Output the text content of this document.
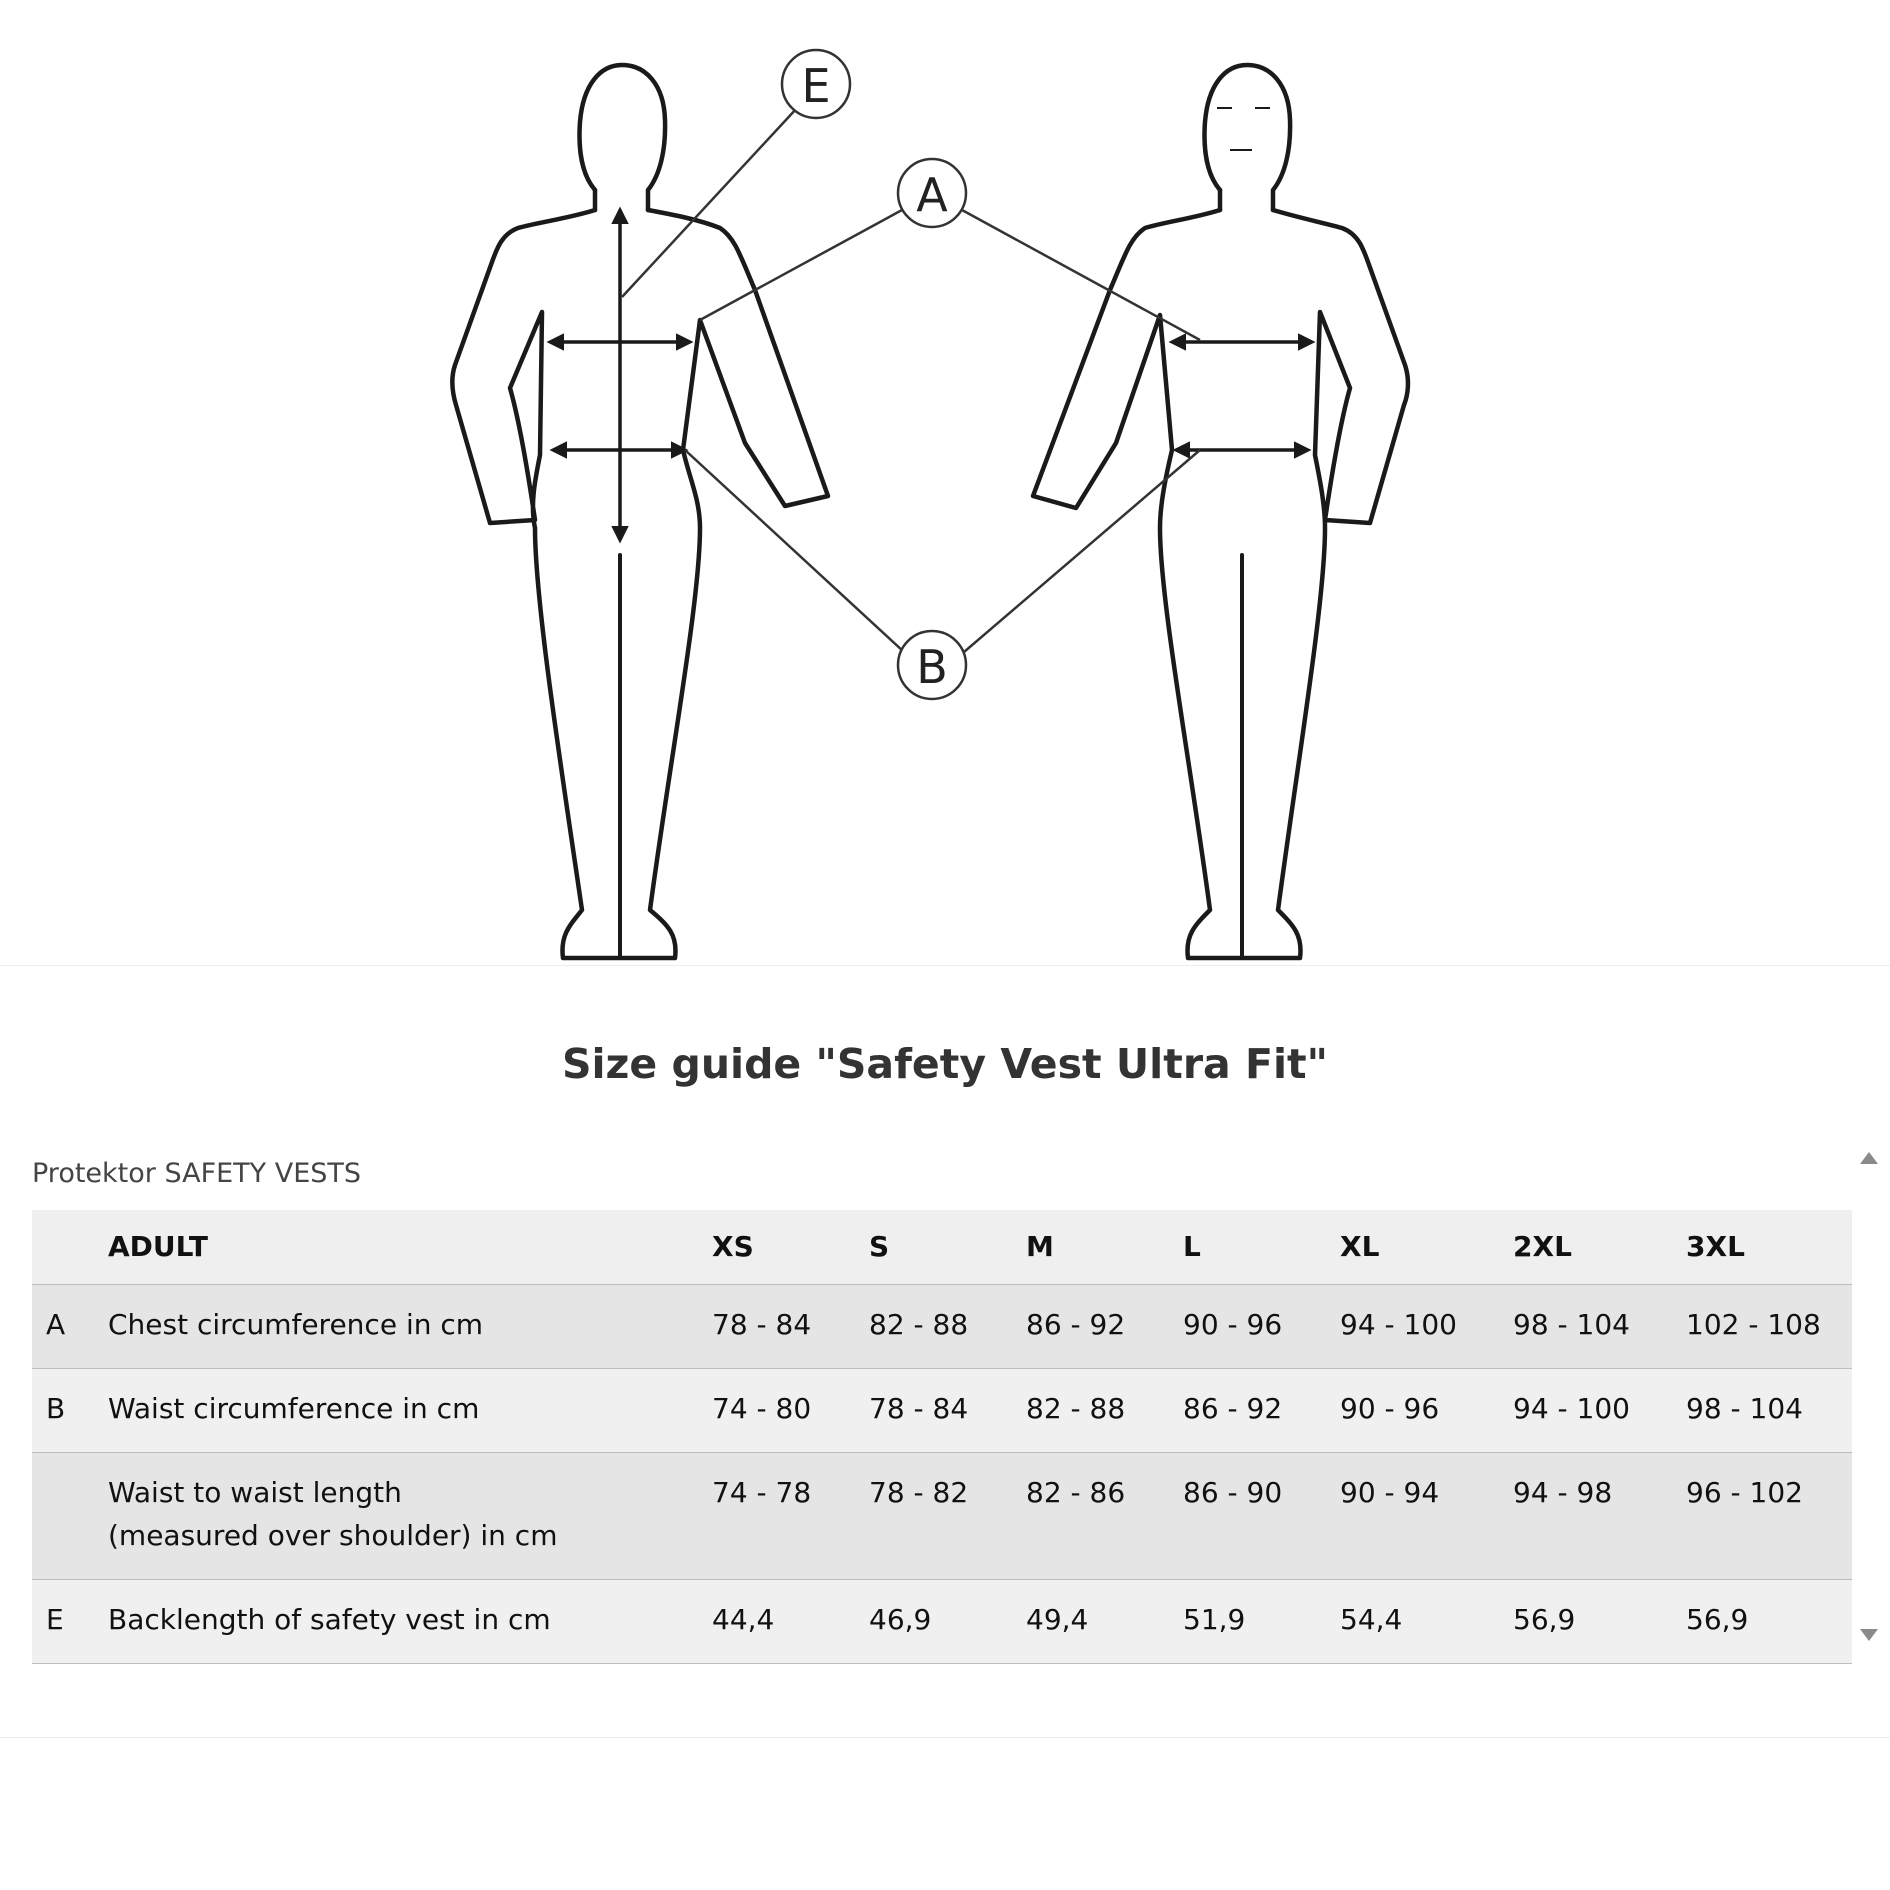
E
A
B
Size guide "Safety Vest Ultra Fit"
Protektor SAFETY VESTS
	ADULT	XS	S	M	L	XL	2XL	3XL
A	Chest circumference in cm	78 - 84	82 - 88	86 - 92	90 - 96	94 - 100	98 - 104	102 - 108
B	Waist circumference in cm	74 - 80	78 - 84	82 - 88	86 - 92	90 - 96	94 - 100	98 - 104
	Waist to waist length
(measured over shoulder) in cm	74 - 78	78 - 82	82 - 86	86 - 90	90 - 94	94 - 98	96 - 102
E	Backlength of safety vest in cm	44,4	46,9	49,4	51,9	54,4	56,9	56,9
